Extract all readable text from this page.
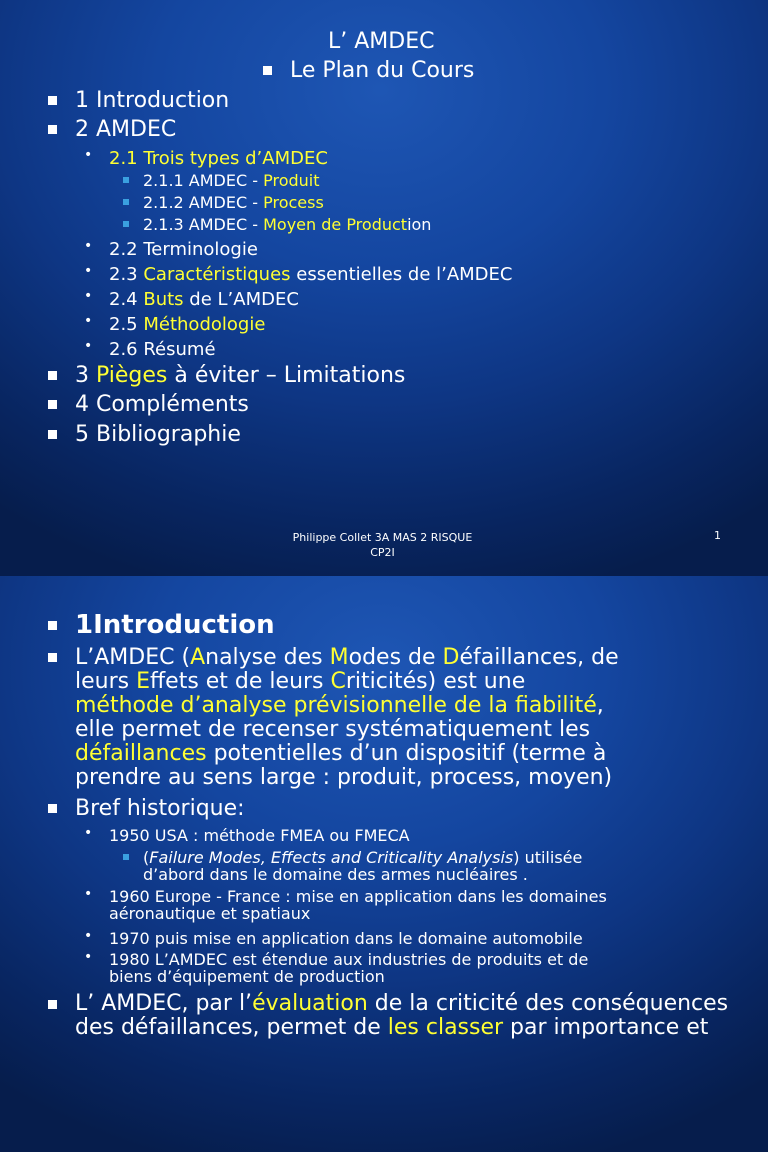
L’ AMDEC
Le Plan du Cours
1 Introduction
2 AMDEC
• 2.1 Trois types d’AMDEC
2.1.1 AMDEC - Produit
2.1.2 AMDEC - Process
2.1.3 AMDEC - Moyen de Production
• 2.2 Terminologie
• 2.3 Caractéristiques essentielles de l’AMDEC
• 2.4 Buts de L’AMDEC
• 2.5 Méthodologie
• 2.6 Résumé
3 Pièges à éviter – Limitations
4 Compléments
5 Bibliographie
Philippe Collet 3A MAS 2 RISQUE
CP2I
1
1Introduction
L’AMDEC (Analyse des Modes de Défaillances, de
leurs Effets et de leurs Criticités) est une
méthode d’analyse prévisionnelle de la fiabilité,
elle permet de recenser systématiquement les
défaillances potentielles d’un dispositif (terme à
prendre au sens large : produit, process, moyen)
Bref historique:
• 1950 USA : méthode FMEA ou FMECA
(Failure Modes, Effects and Criticality Analysis) utilisée
d’abord dans le domaine des armes nucléaires .
• 1960 Europe - France : mise en application dans les domaines
aéronautique et spatiaux
• 1970 puis mise en application dans le domaine automobile
• 1980 L’AMDEC est étendue aux industries de produits et de
biens d’équipement de production
L’ AMDEC, par l’évaluation de la criticité des conséquences
des défaillances, permet de les classer par importance et
